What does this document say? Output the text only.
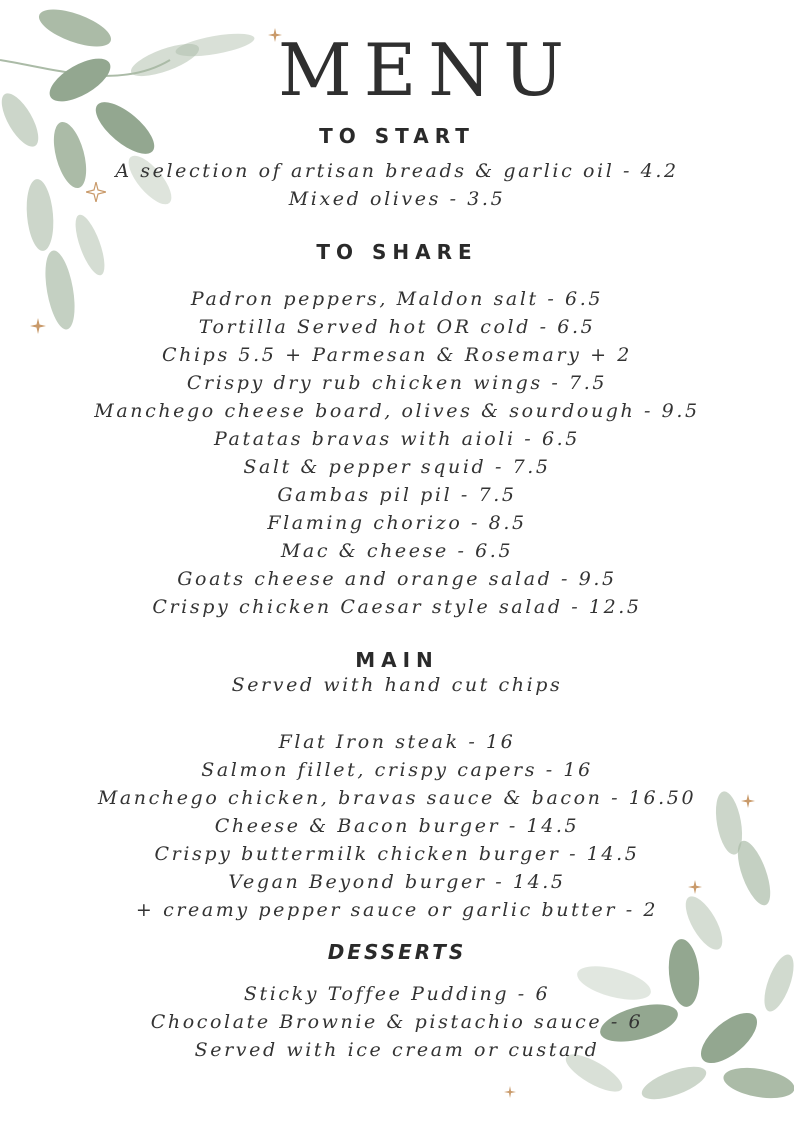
MENU
TO START
A selection of artisan breads & garlic oil - 4.2
Mixed olives - 3.5
TO SHARE
Padron peppers, Maldon salt - 6.5
Tortilla Served hot OR cold - 6.5
Chips 5.5 + Parmesan & Rosemary + 2
Crispy dry rub chicken wings - 7.5
Manchego cheese board, olives & sourdough - 9.5
Patatas bravas with aioli - 6.5
Salt & pepper squid - 7.5
Gambas pil pil - 7.5
Flaming chorizo - 8.5
Mac & cheese - 6.5
Goats cheese and orange salad - 9.5
Crispy chicken Caesar style salad - 12.5
MAIN
Served with hand cut chips
Flat Iron steak - 16
Salmon fillet, crispy capers - 16
Manchego chicken, bravas sauce & bacon - 16.50
Cheese & Bacon burger - 14.5
Crispy buttermilk chicken burger - 14.5
Vegan Beyond burger - 14.5
+ creamy pepper sauce or garlic butter - 2
DESSERTS
Sticky Toffee Pudding - 6
Chocolate Brownie & pistachio sauce - 6
Served with ice cream or custard
